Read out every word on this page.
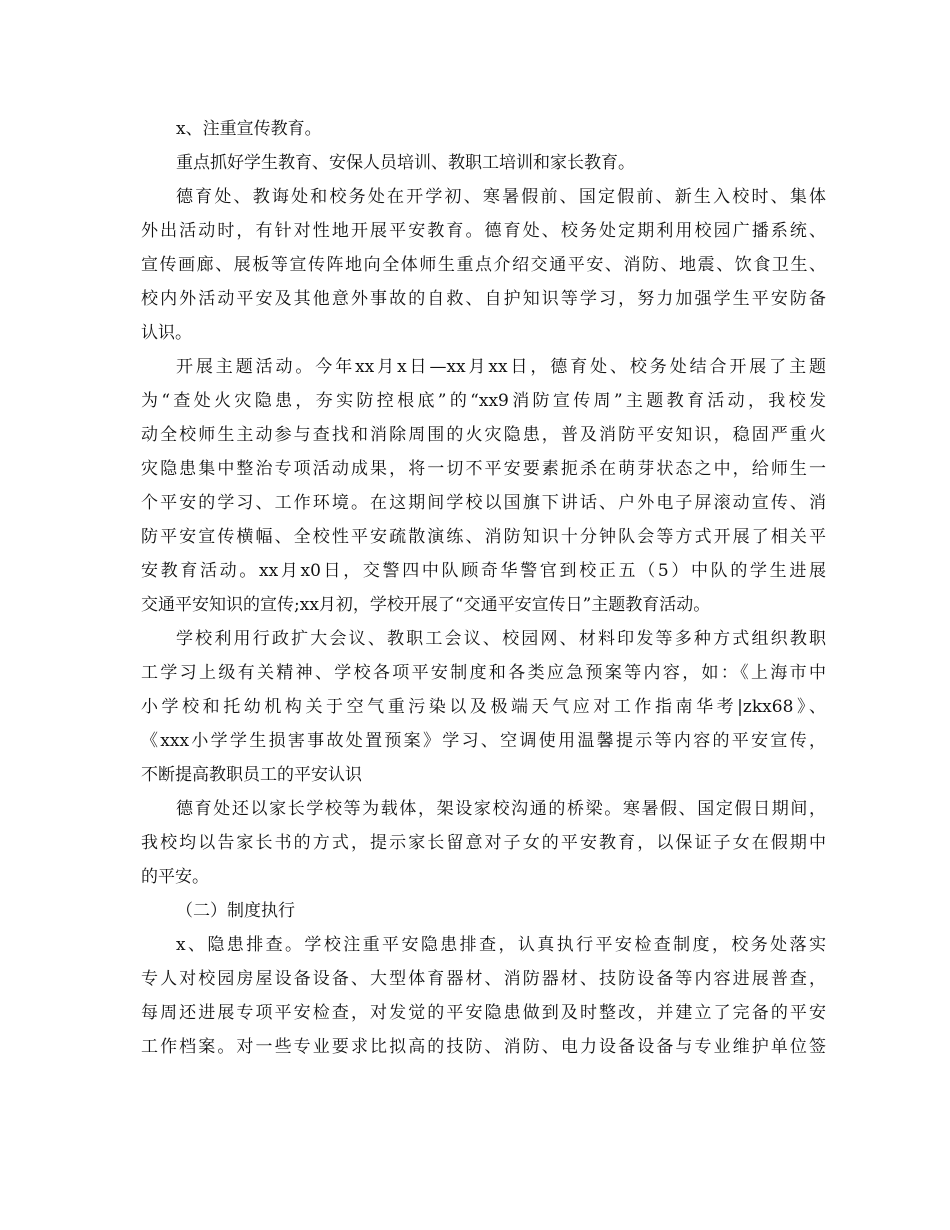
x、注重宣传教育。
重点抓好学生教育、安保人员培训、教职工培训和家长教育。
德育处、教诲处和校务处在开学初、寒暑假前、国定假前、新生入校时、集体
外出活动时，有针对性地开展平安教育。德育处、校务处定期利用校园广播系统、
宣传画廊、展板等宣传阵地向全体师生重点介绍交通平安、消防、地震、饮食卫生、
校内外活动平安及其他意外事故的自救、自护知识等学习，努力加强学生平安防备
认识。
开展主题活动。今年xx月x日—xx月xx日，德育处、校务处结合开展了主题
为“查处火灾隐患，夯实防控根底”的“xx9消防宣传周”主题教育活动，我校发
动全校师生主动参与查找和消除周围的火灾隐患，普及消防平安知识，稳固严重火
灾隐患集中整治专项活动成果，将一切不平安要素扼杀在萌芽状态之中，给师生一
个平安的学习、工作环境。在这期间学校以国旗下讲话、户外电子屏滚动宣传、消
防平安宣传横幅、全校性平安疏散演练、消防知识十分钟队会等方式开展了相关平
安教育活动。xx月x0日，交警四中队顾奇华警官到校正五（5）中队的学生进展
交通平安知识的宣传;xx月初，学校开展了“交通平安宣传日”主题教育活动。
学校利用行政扩大会议、教职工会议、校园网、材料印发等多种方式组织教职
工学习上级有关精神、学校各项平安制度和各类应急预案等内容，如：《上海市中
小学校和托幼机构关于空气重污染以及极端天气应对工作指南华考|zkx68》、
《xxx小学学生损害事故处置预案》学习、空调使用温馨提示等内容的平安宣传，
不断提高教职员工的平安认识
德育处还以家长学校等为载体，架设家校沟通的桥梁。寒暑假、国定假日期间，
我校均以告家长书的方式，提示家长留意对子女的平安教育，以保证子女在假期中
的平安。
（二）制度执行
x、隐患排查。学校注重平安隐患排查，认真执行平安检查制度，校务处落实
专人对校园房屋设备设备、大型体育器材、消防器材、技防设备等内容进展普查，
每周还进展专项平安检查，对发觉的平安隐患做到及时整改，并建立了完备的平安
工作档案。对一些专业要求比拟高的技防、消防、电力设备设备与专业维护单位签
